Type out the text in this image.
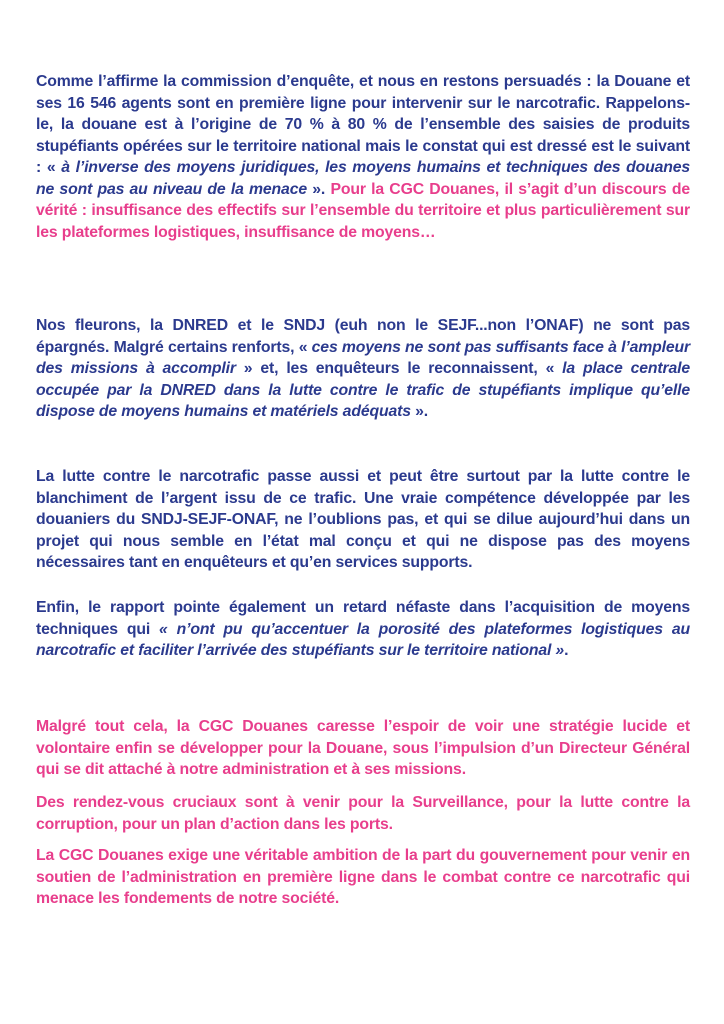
Comme l’affirme la commission d’enquête, et nous en restons persuadés : la Douane et ses 16 546 agents sont en première ligne pour intervenir sur le narcotrafic. Rappelons-le, la douane est à l’origine de 70 % à 80 % de l’ensemble des saisies de produits stupéfiants opérées sur le territoire national mais le constat qui est dressé est le suivant : « à l’inverse des moyens juridiques, les moyens humains et techniques des douanes ne sont pas au niveau de la menace ». Pour la CGC Douanes, il s’agit d’un discours de vérité : insuffisance des effectifs sur l’ensemble du territoire et plus particulièrement sur les plateformes logistiques, insuffisance de moyens…

Nos fleurons, la DNRED et le SNDJ (euh non le SEJF...non l’ONAF) ne sont pas épargnés. Malgré certains renforts, « ces moyens ne sont pas suffisants face à l’ampleur des missions à accomplir » et, les enquêteurs le reconnaissent, « la place centrale occupée par la DNRED dans la lutte contre le trafic de stupéfiants implique qu’elle dispose de moyens humains et matériels adéquats ».

La lutte contre le narcotrafic passe aussi et peut être surtout par la lutte contre le blanchiment de l’argent issu de ce trafic. Une vraie compétence développée par les douaniers du SNDJ-SEJF-ONAF, ne l’oublions pas, et qui se dilue aujourd’hui dans un projet qui nous semble en l’état mal conçu et qui ne dispose pas des moyens nécessaires tant en enquêteurs et qu’en services supports.

Enfin, le rapport pointe également un retard néfaste dans l’acquisition de moyens techniques qui « n’ont pu qu’accentuer la porosité des plateformes logistiques au narcotrafic et faciliter l’arrivée des stupéfiants sur le territoire national ».

Malgré tout cela, la CGC Douanes caresse l’espoir de voir une stratégie lucide et volontaire enfin se développer pour la Douane, sous l’impulsion d’un Directeur Général qui se dit attaché à notre administration et à ses missions.

Des rendez-vous cruciaux sont à venir pour la Surveillance, pour la lutte contre la corruption, pour un plan d’action dans les ports.

La CGC Douanes exige une véritable ambition de la part du gouvernement pour venir en soutien de l’administration en première ligne dans le combat contre ce narcotrafic qui menace les fondements de notre société.
